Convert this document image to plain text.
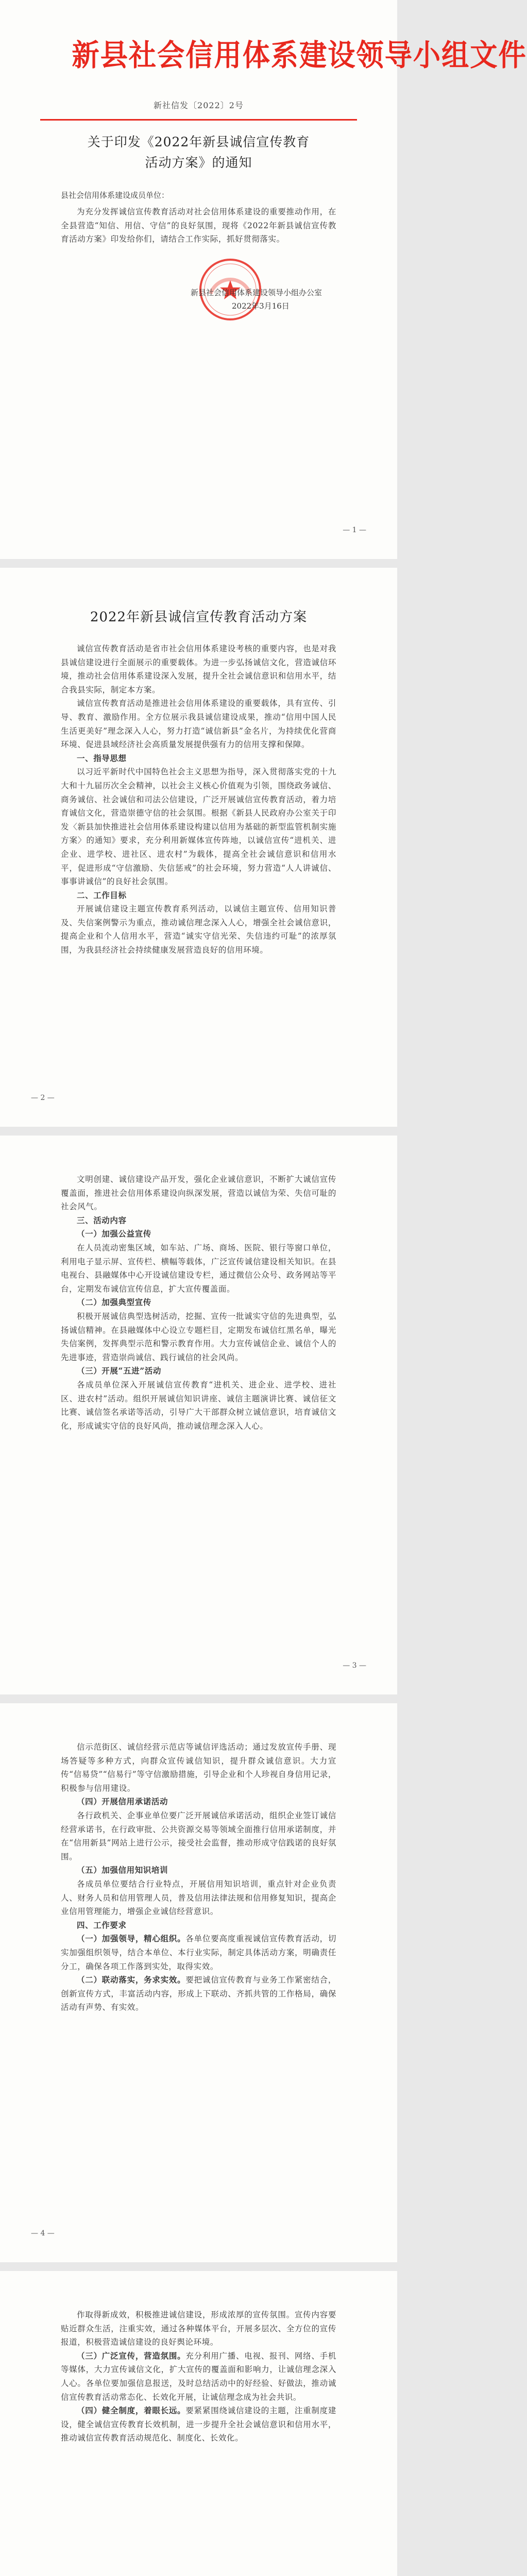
新县社会信用体系建设领导小组文件
新社信发〔2022〕2号
关于印发《2022年新县诚信宣传教育
活动方案》的通知
县社会信用体系建设成员单位：

为充分发挥诚信宣传教育活动对社会信用体系建设的重要推动作用，在全县营造“知信、用信、守信”的良好氛围，现将《2022年新县诚信宣传教育活动方案》印发给你们，请结合工作实际，抓好贯彻落实。

新县社会信用体系建设领导小组办公室
2022年3月16日
— 1 —
2022年新县诚信宣传教育活动方案

诚信宣传教育活动是省市社会信用体系建设考核的重要内容，也是对我县诚信建设进行全面展示的重要载体。为进一步弘扬诚信文化，营造诚信环境，推动社会信用体系建设深入发展，提升全社会诚信意识和信用水平，结合我县实际，制定本方案。

诚信宣传教育活动是推进社会信用体系建设的重要载体，具有宣传、引导、教育、激励作用。全方位展示我县诚信建设成果，推动“信用中国人民生活更美好”理念深入人心，努力打造“诚信新县”金名片，为持续优化营商环境、促进县域经济社会高质量发展提供强有力的信用支撑和保障。

一、指导思想

以习近平新时代中国特色社会主义思想为指导，深入贯彻落实党的十九大和十九届历次全会精神，以社会主义核心价值观为引领，围绕政务诚信、商务诚信、社会诚信和司法公信建设，广泛开展诚信宣传教育活动，着力培育诚信文化，营造崇德守信的社会氛围。根据《新县人民政府办公室关于印发〈新县加快推进社会信用体系建设构建以信用为基础的新型监管机制实施方案〉的通知》要求，充分利用新媒体宣传阵地，以诚信宣传“进机关、进企业、进学校、进社区、进农村”为载体，提高全社会诚信意识和信用水平，促进形成“守信激励、失信惩戒”的社会环境，努力营造“人人讲诚信、事事讲诚信”的良好社会氛围。

二、工作目标

开展诚信建设主题宣传教育系列活动，以诚信主题宣传、信用知识普及、失信案例警示为重点，推动诚信理念深入人心，增强全社会诚信意识，提高企业和个人信用水平，营造“诚实守信光荣、失信违约可耻”的浓厚氛围，为我县经济社会持续健康发展营造良好的信用环境。

— 2 —

文明创建、诚信建设产品开发，强化企业诚信意识，不断扩大诚信宣传覆盖面，推进社会信用体系建设向纵深发展，营造以诚信为荣、失信可耻的社会风气。

三、活动内容

（一）加强公益宣传

在人员流动密集区域，如车站、广场、商场、医院、银行等窗口单位，利用电子显示屏、宣传栏、横幅等载体，广泛宣传诚信建设相关知识。在县电视台、县融媒体中心开设诚信建设专栏，通过微信公众号、政务网站等平台，定期发布诚信宣传信息，扩大宣传覆盖面。

（二）加强典型宣传

积极开展诚信典型选树活动，挖掘、宣传一批诚实守信的先进典型，弘扬诚信精神。在县融媒体中心设立专题栏目，定期发布诚信红黑名单，曝光失信案例，发挥典型示范和警示教育作用。大力宣传诚信企业、诚信个人的先进事迹，营造崇尚诚信、践行诚信的社会风尚。

（三）开展“五进”活动

各成员单位深入开展诚信宣传教育“进机关、进企业、进学校、进社区、进农村”活动。组织开展诚信知识讲座、诚信主题演讲比赛、诚信征文比赛、诚信签名承诺等活动，引导广大干部群众树立诚信意识，培育诚信文化，形成诚实守信的良好风尚，推动诚信理念深入人心。

— 3 —

信示范街区、诚信经营示范店等诚信评选活动；通过发放宣传手册、现场答疑等多种方式，向群众宣传诚信知识，提升群众诚信意识。大力宣传“信易贷”“信易行”等守信激励措施，引导企业和个人珍视自身信用记录，积极参与信用建设。

（四）开展信用承诺活动

各行政机关、企事业单位要广泛开展诚信承诺活动，组织企业签订诚信经营承诺书，在行政审批、公共资源交易等领域全面推行信用承诺制度，并在“信用新县”网站上进行公示，接受社会监督，推动形成守信践诺的良好氛围。

（五）加强信用知识培训

各成员单位要结合行业特点，开展信用知识培训，重点针对企业负责人、财务人员和信用管理人员，普及信用法律法规和信用修复知识，提高企业信用管理能力，增强企业诚信经营意识。

四、工作要求

（一）加强领导，精心组织。各单位要高度重视诚信宣传教育活动，切实加强组织领导，结合本单位、本行业实际，制定具体活动方案，明确责任分工，确保各项工作落到实处，取得实效。

（二）联动落实，务求实效。要把诚信宣传教育与业务工作紧密结合，创新宣传方式，丰富活动内容，形成上下联动、齐抓共管的工作格局，确保活动有声势、有实效。

— 4 —

作取得新成效，积极推进诚信建设，形成浓厚的宣传氛围。宣传内容要贴近群众生活，注重实效，通过各种媒体平台，开展多层次、全方位的宣传报道，积极营造诚信建设的良好舆论环境。

（三）广泛宣传，营造氛围。充分利用广播、电视、报刊、网络、手机等媒体，大力宣传诚信文化，扩大宣传的覆盖面和影响力，让诚信理念深入人心。各单位要加强信息报送，及时总结活动中的好经验、好做法，推动诚信宣传教育活动常态化、长效化开展，让诚信理念成为社会共识。

（四）健全制度，着眼长远。要紧紧围绕诚信建设的主题，注重制度建设，健全诚信宣传教育长效机制，进一步提升全社会诚信意识和信用水平，推动诚信宣传教育活动规范化、制度化、长效化。
